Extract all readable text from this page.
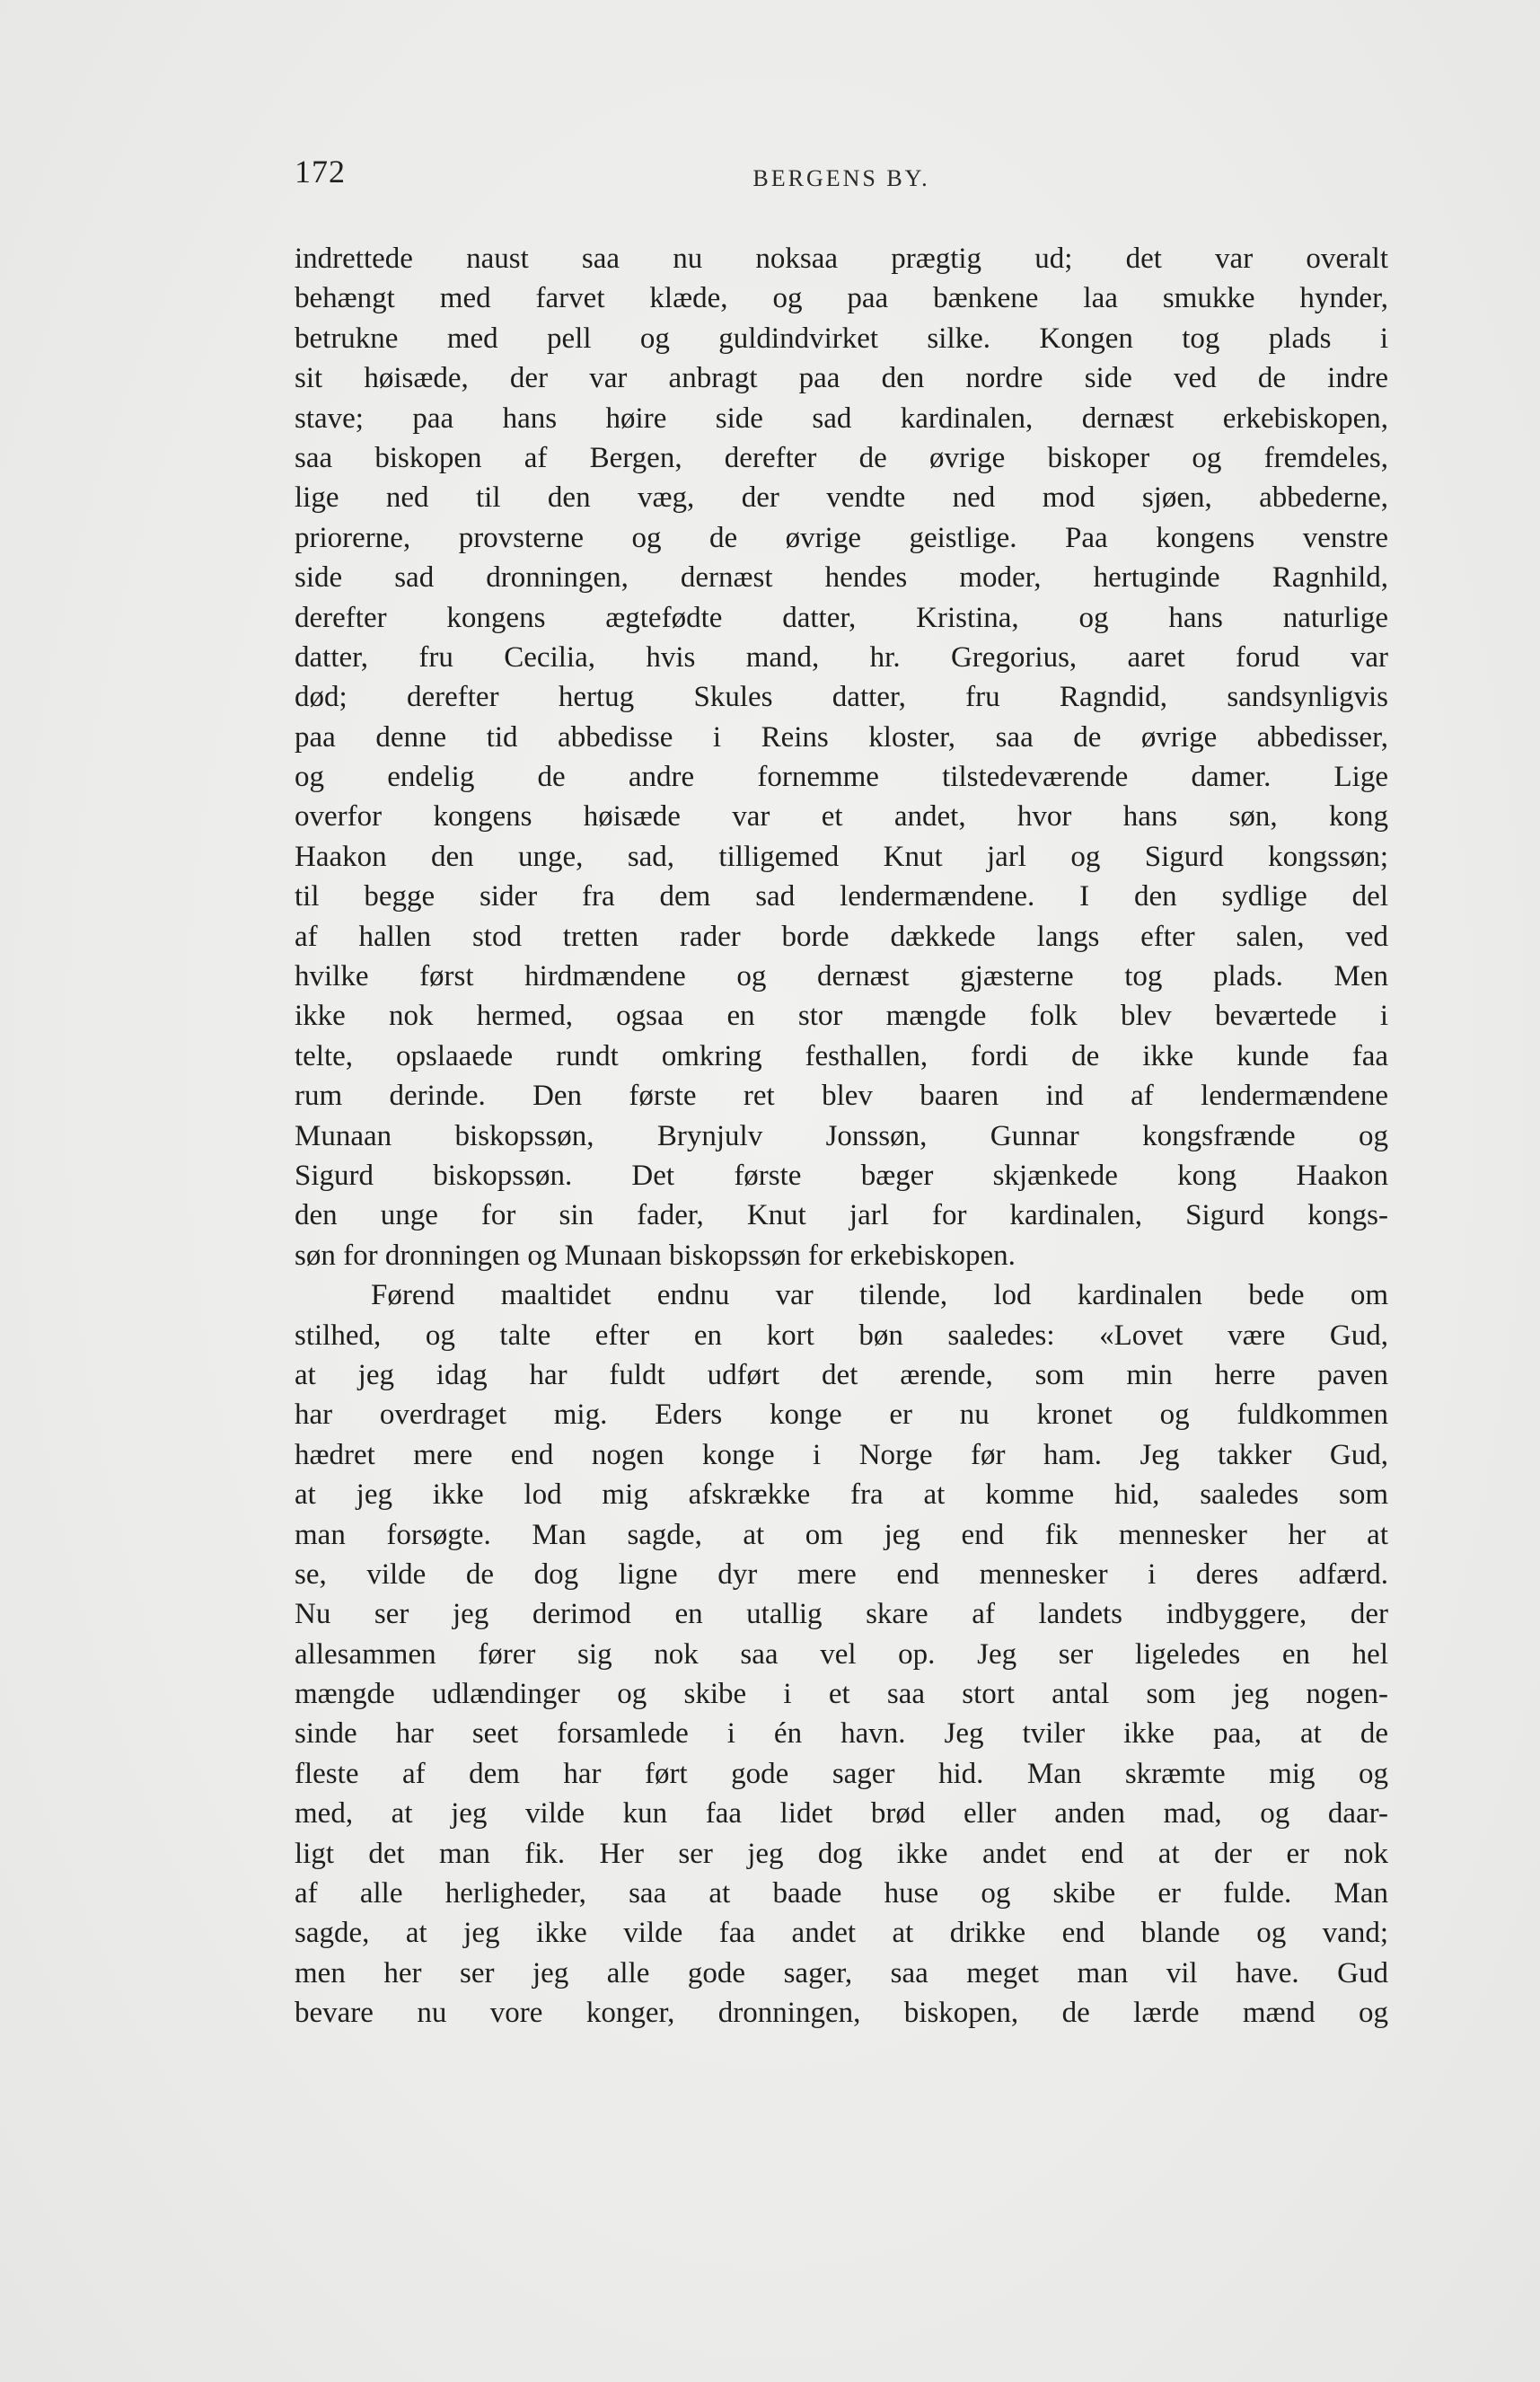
172	BERGENS BY.
indrettede naust saa nu noksaa prægtig ud; det var overalt
behængt med farvet klæde, og paa bænkene laa smukke hynder,
betrukne med pell og guldindvirket silke. Kongen tog plads i
sit høisæde, der var anbragt paa den nordre side ved de indre
stave; paa hans høire side sad kardinalen, dernæst erkebiskopen,
saa biskopen af Bergen, derefter de øvrige biskoper og fremdeles,
lige ned til den væg, der vendte ned mod sjøen, abbederne,
priorerne, provsterne og de øvrige geistlige. Paa kongens venstre
side sad dronningen, dernæst hendes moder, hertuginde Ragnhild,
derefter kongens ægtefødte datter, Kristina, og hans naturlige
datter, fru Cecilia, hvis mand, hr. Gregorius, aaret forud var
død; derefter hertug Skules datter, fru Ragndid, sandsynligvis
paa denne tid abbedisse i Reins kloster, saa de øvrige abbedisser,
og endelig de andre fornemme tilstedeværende damer. Lige
overfor kongens høisæde var et andet, hvor hans søn, kong
Haakon den unge, sad, tilligemed Knut jarl og Sigurd kongssøn;
til begge sider fra dem sad lendermændene. I den sydlige del
af hallen stod tretten rader borde dækkede langs efter salen, ved
hvilke først hirdmændene og dernæst gjæsterne tog plads. Men
ikke nok hermed, ogsaa en stor mængde folk blev beværtede i
telte, opslaaede rundt omkring festhallen, fordi de ikke kunde faa
rum derinde. Den første ret blev baaren ind af lendermændene
Munaan biskopssøn, Brynjulv Jonssøn, Gunnar kongsfrænde og
Sigurd biskopssøn. Det første bæger skjænkede kong Haakon
den unge for sin fader, Knut jarl for kardinalen, Sigurd kongs-
søn for dronningen og Munaan biskopssøn for erkebiskopen.
Førend maaltidet endnu var tilende, lod kardinalen bede om
stilhed, og talte efter en kort bøn saaledes: «Lovet være Gud,
at jeg idag har fuldt udført det ærende, som min herre paven
har overdraget mig. Eders konge er nu kronet og fuldkommen
hædret mere end nogen konge i Norge før ham. Jeg takker Gud,
at jeg ikke lod mig afskrække fra at komme hid, saaledes som
man forsøgte. Man sagde, at om jeg end fik mennesker her at
se, vilde de dog ligne dyr mere end mennesker i deres adfærd.
Nu ser jeg derimod en utallig skare af landets indbyggere, der
allesammen fører sig nok saa vel op. Jeg ser ligeledes en hel
mængde udlændinger og skibe i et saa stort antal som jeg nogen-
sinde har seet forsamlede i én havn. Jeg tviler ikke paa, at de
fleste af dem har ført gode sager hid. Man skræmte mig og
med, at jeg vilde kun faa lidet brød eller anden mad, og daar-
ligt det man fik. Her ser jeg dog ikke andet end at der er nok
af alle herligheder, saa at baade huse og skibe er fulde. Man
sagde, at jeg ikke vilde faa andet at drikke end blande og vand;
men her ser jeg alle gode sager, saa meget man vil have. Gud
bevare nu vore konger, dronningen, biskopen, de lærde mænd og
